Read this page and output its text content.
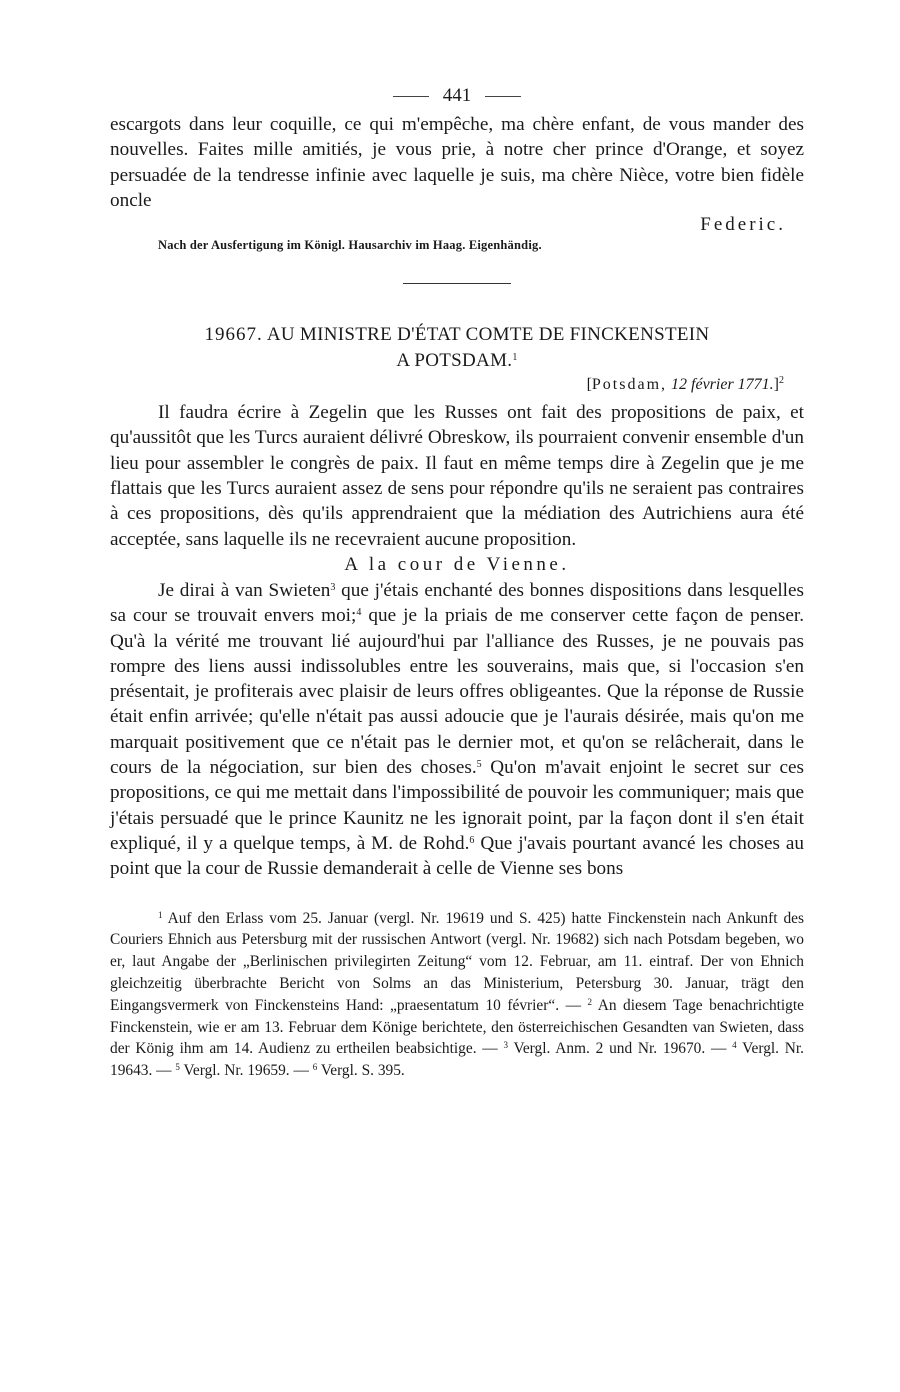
441

escargots dans leur coquille, ce qui m'empêche, ma chère enfant, de vous mander des nouvelles. Faites mille amitiés, je vous prie, à notre cher prince d'Orange, et soyez persuadée de la tendresse infinie avec laquelle je suis, ma chère Nièce, votre bien fidèle oncle

Federic.
Nach der Ausfertigung im Königl. Hausarchiv im Haag. Eigenhändig.
19667. AU MINISTRE D'ÉTAT COMTE DE FINCKENSTEIN
A POTSDAM.$^1$
[Potsdam, 12 février 1771.]$^2$

Il faudra écrire à Zegelin que les Russes ont fait des propositions de paix, et qu'aussitôt que les Turcs auraient délivré Obreskow, ils pourraient convenir ensemble d'un lieu pour assembler le congrès de paix. Il faut en même temps dire à Zegelin que je me flattais que les Turcs auraient assez de sens pour répondre qu'ils ne seraient pas contraires à ces propositions, dès qu'ils apprendraient que la médiation des Autrichiens aura été acceptée, sans laquelle ils ne recevraient aucune proposition.

A la cour de Vienne.

Je dirai à van Swieten$^3$ que j'étais enchanté des bonnes dispositions dans lesquelles sa cour se trouvait envers moi;$^4$ que je la priais de me conserver cette façon de penser. Qu'à la vérité me trouvant lié aujourd'hui par l'alliance des Russes, je ne pouvais pas rompre des liens aussi indissolubles entre les souverains, mais que, si l'occasion s'en présentait, je profiterais avec plaisir de leurs offres obligeantes. Que la réponse de Russie était enfin arrivée; qu'elle n'était pas aussi adoucie que je l'aurais désirée, mais qu'on me marquait positivement que ce n'était pas le dernier mot, et qu'on se relâcherait, dans le cours de la négociation, sur bien des choses.$^5$ Qu'on m'avait enjoint le secret sur ces propositions, ce qui me mettait dans l'impossibilité de pouvoir les communiquer; mais que j'étais persuadé que le prince Kaunitz ne les ignorait point, par la façon dont il s'en était expliqué, il y a quelque temps, à M. de Rohd.$^6$ Que j'avais pourtant avancé les choses au point que la cour de Russie demanderait à celle de Vienne ses bons

$^1$ Auf den Erlass vom 25. Januar (vergl. Nr. 19619 und S. 425) hatte Finckenstein nach Ankunft des Couriers Ehnich aus Petersburg mit der russischen Antwort (vergl. Nr. 19682) sich nach Potsdam begeben, wo er, laut Angabe der „Berlinischen privilegirten Zeitung“ vom 12. Februar, am 11. eintraf. Der von Ehnich gleichzeitig überbrachte Bericht von Solms an das Ministerium, Petersburg 30. Januar, trägt den Eingangsvermerk von Finckensteins Hand: „praesentatum 10 février“. — $^2$ An diesem Tage benachrichtigte Finckenstein, wie er am 13. Februar dem Könige berichtete, den österreichischen Gesandten van Swieten, dass der König ihm am 14. Audienz zu ertheilen beabsichtige. — $^3$ Vergl. Anm. 2 und Nr. 19670. — $^4$ Vergl. Nr. 19643. — $^5$ Vergl. Nr. 19659. — $^6$ Vergl. S. 395.
